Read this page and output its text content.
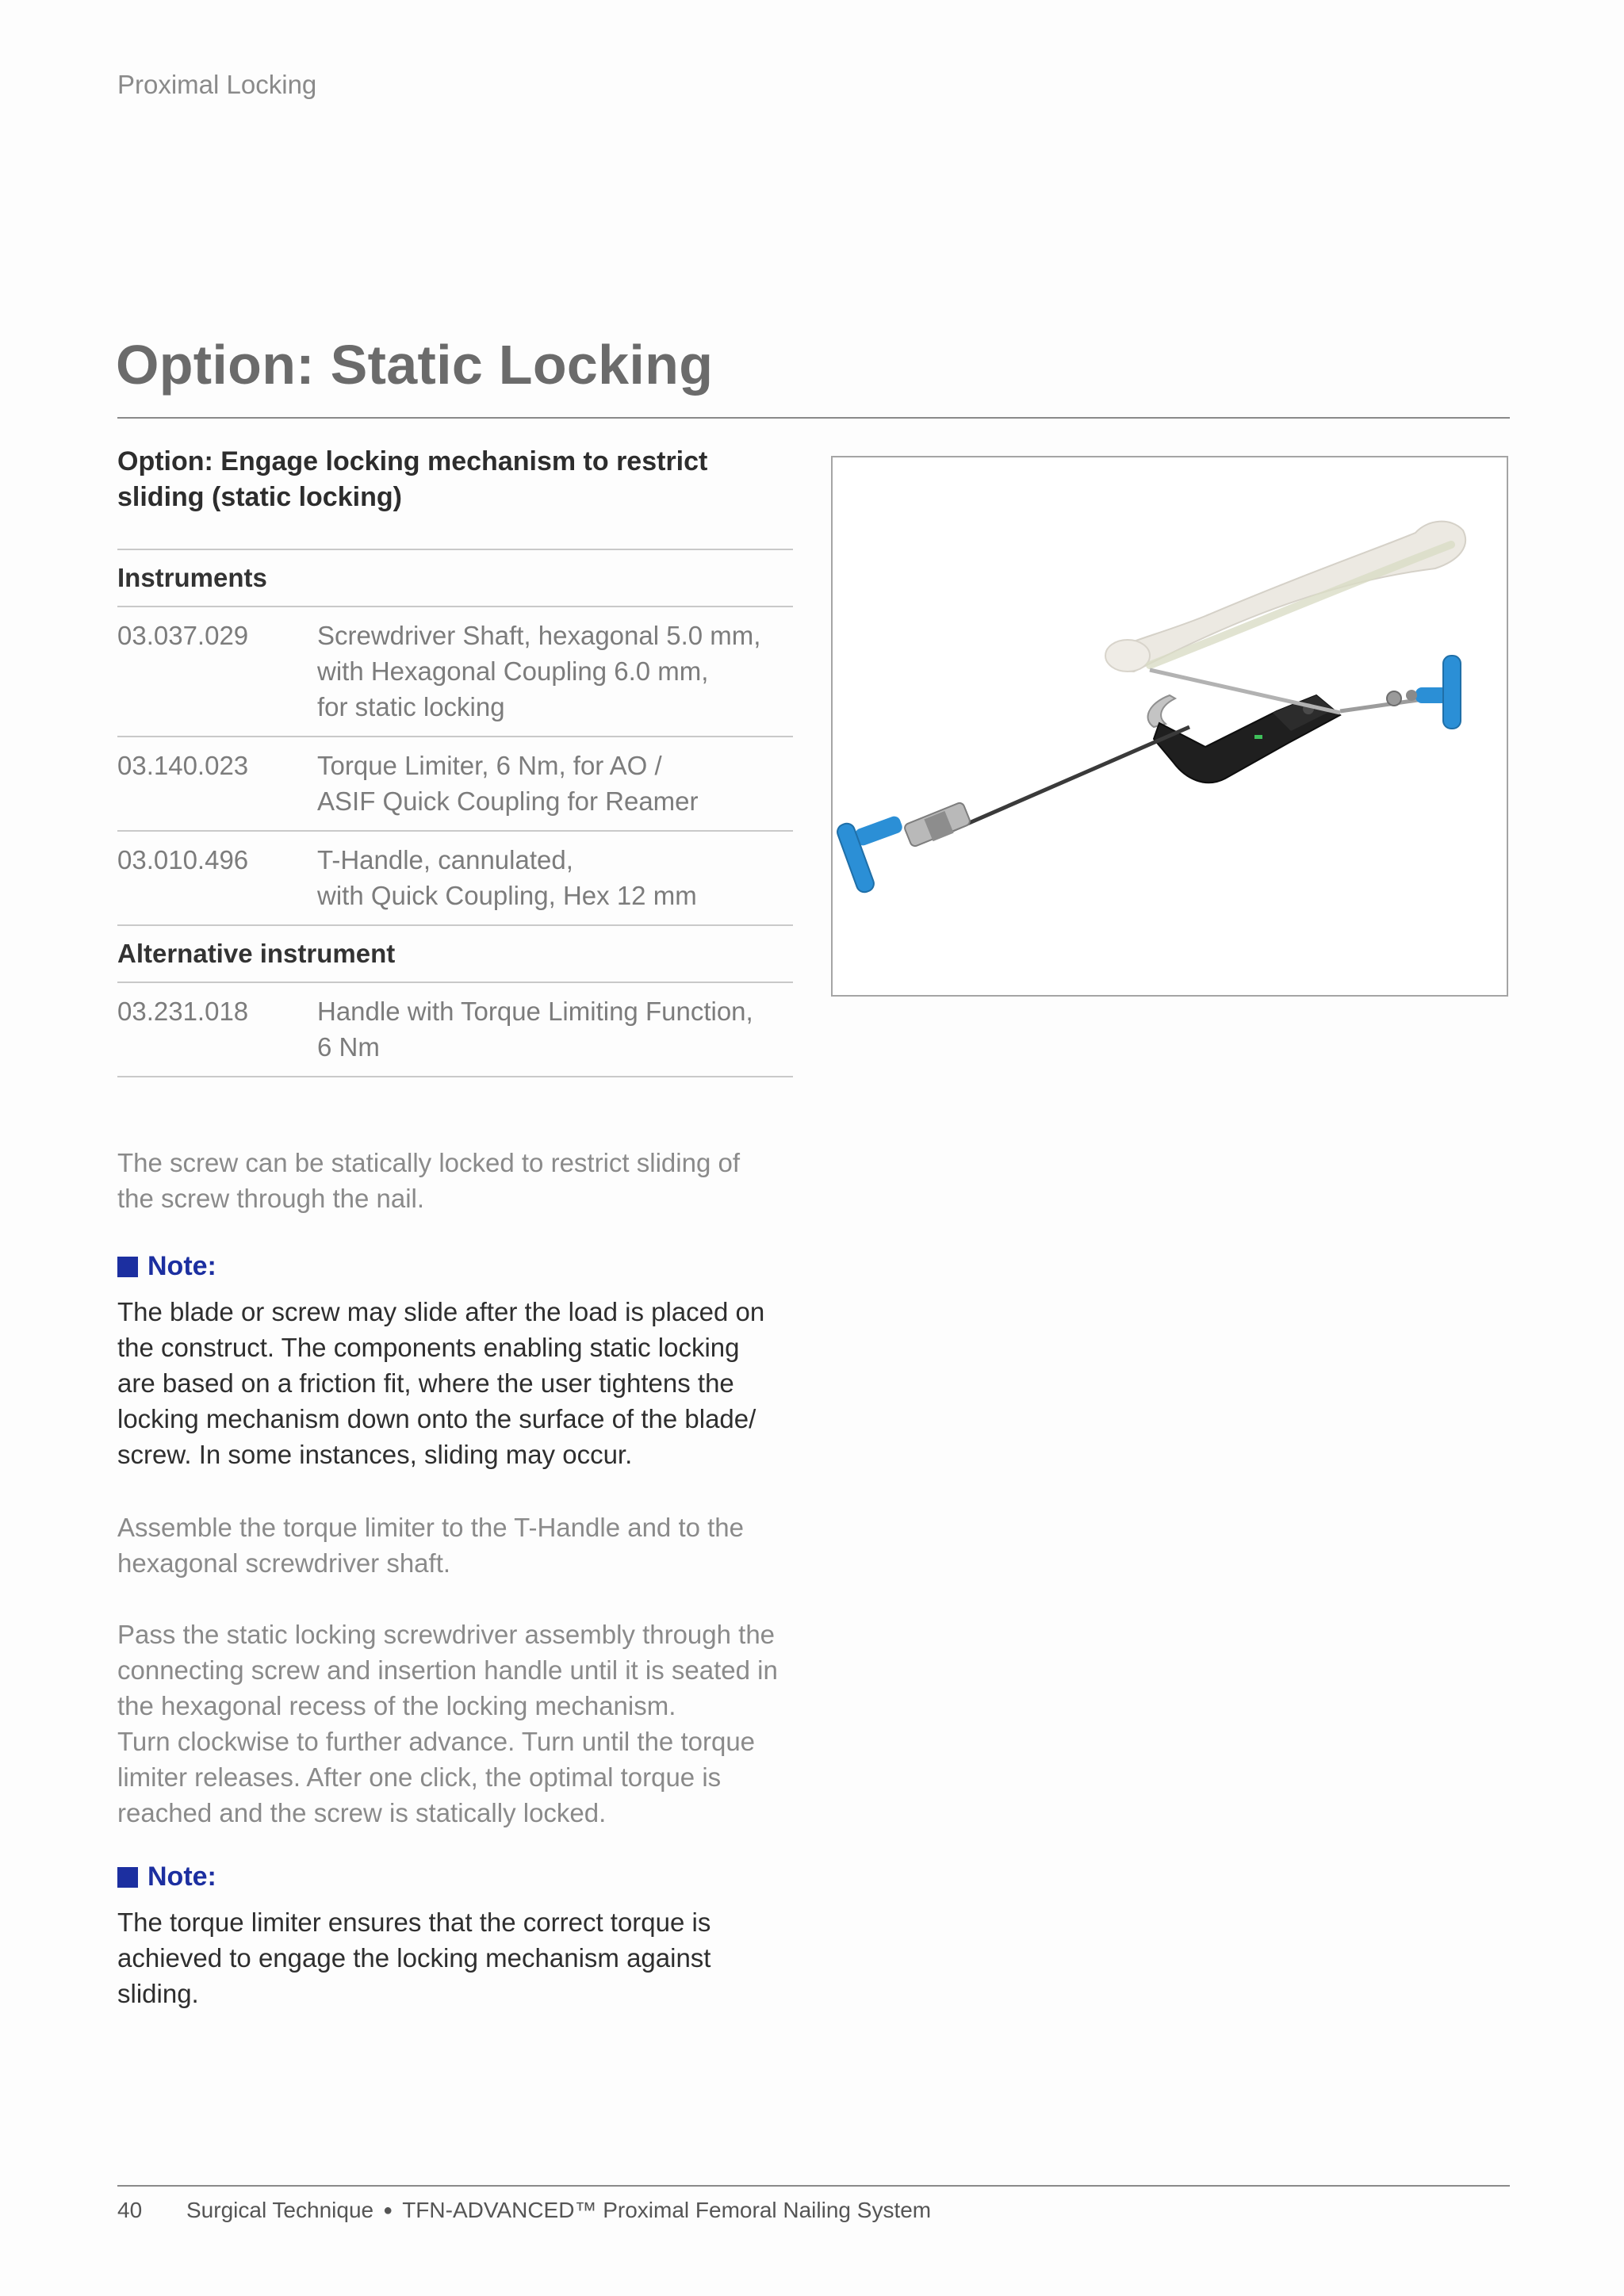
Proximal Locking
Option: Static Locking
Option: Engage locking mechanism to restrict sliding (static locking)
Instruments
03.037.029	Screwdriver Shaft, hexagonal 5.0 mm,
with Hexagonal Coupling 6.0 mm,
for static locking
03.140.023	Torque Limiter, 6 Nm, for AO /
ASIF Quick Coupling for Reamer
03.010.496	T-Handle, cannulated,
with Quick Coupling, Hex 12 mm
Alternative instrument
03.231.018	Handle with Torque Limiting Function,
6 Nm
The screw can be statically locked to restrict sliding of
the screw through the nail.
Note:
The blade or screw may slide after the load is placed on
the construct. The components enabling static locking
are based on a friction fit, where the user tightens the
locking mechanism down onto the surface of the blade/
screw. In some instances, sliding may occur.
Assemble the torque limiter to the T-Handle and to the
hexagonal screwdriver shaft.
Pass the static locking screwdriver assembly through the
connecting screw and insertion handle until it is seated in
the hexagonal recess of the locking mechanism.
Turn clockwise to further advance. Turn until the torque
limiter releases. After one click, the optimal torque is
reached and the screw is statically locked.
Note:
The torque limiter ensures that the correct torque is
achieved to engage the locking mechanism against
sliding.
40	Surgical Technique ● TFN-ADVANCED™ Proximal Femoral Nailing System
